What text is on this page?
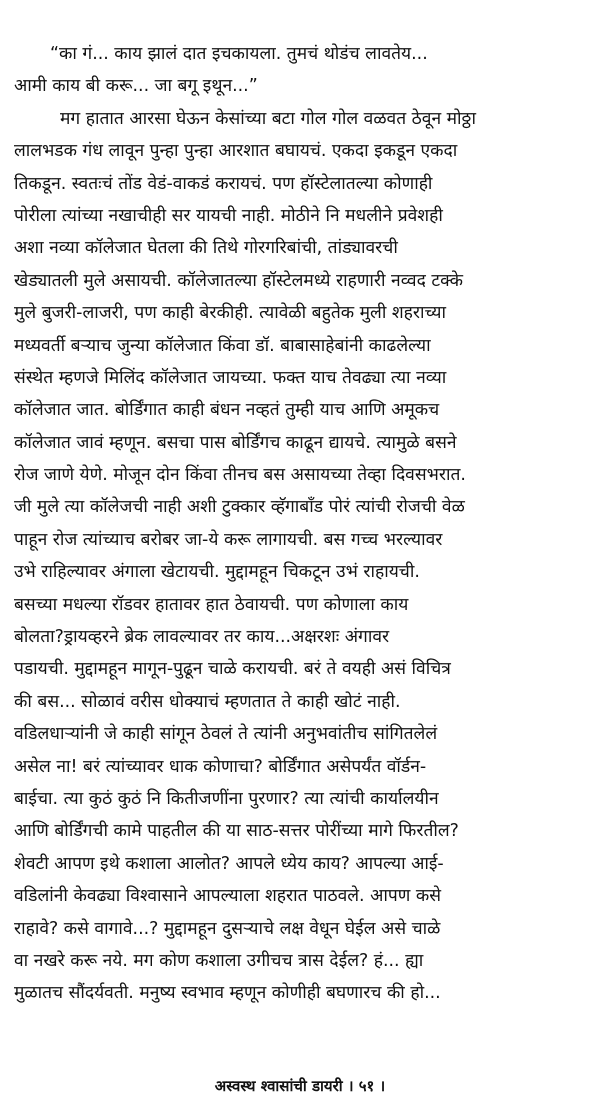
“का गं... काय झालं दात इचकायला. तुमचं थोडंच लावतेय...
आमी काय बी करू... जा बगू इथून...”
मग हातात आरसा घेऊन केसांच्या बटा गोल गोल वळवत ठेवून मोठ्ठा
लालभडक गंध लावून पुन्हा पुन्हा आरशात बघायचं. एकदा इकडून एकदा
तिकडून. स्वतःचं तोंड वेडं-वाकडं करायचं. पण हॉस्टेलातल्या कोणाही
पोरीला त्यांच्या नखाचीही सर यायची नाही. मोठीने नि मधलीने प्रवेशही
अशा नव्या कॉलेजात घेतला की तिथे गोरगरिबांची, तांड्यावरची
खेड्यातली मुले असायची. कॉलेजातल्या हॉस्टेलमध्ये राहणारी नव्वद टक्के
मुले बुजरी-लाजरी, पण काही बेरकीही. त्यावेळी बहुतेक मुली शहराच्या
मध्यवर्ती बऱ्याच जुन्या कॉलेजात किंवा डॉ. बाबासाहेबांनी काढलेल्या
संस्थेत म्हणजे मिलिंद कॉलेजात जायच्या. फक्त याच तेवढ्या त्या नव्या
कॉलेजात जात. बोर्डिंगात काही बंधन नव्हतं तुम्ही याच आणि अमूकच
कॉलेजात जावं म्हणून. बसचा पास बोर्डिंगच काढून द्यायचे. त्यामुळे बसने
रोज जाणे येणे. मोजून दोन किंवा तीनच बस असायच्या तेव्हा दिवसभरात.
जी मुले त्या कॉलेजची नाही अशी टुक्कार व्हॅगाबॉंड पोरं त्यांची रोजची वेळ
पाहून रोज त्यांच्याच बरोबर जा-ये करू लागायची. बस गच्च भरल्यावर
उभे राहिल्यावर अंगाला खेटायची. मुद्दामहून चिकटून उभं राहायची.
बसच्या मधल्या रॉडवर हातावर हात ठेवायची. पण कोणाला काय
बोलता?ड्रायव्हरने ब्रेक लावल्यावर तर काय...अक्षरशः अंगावर
पडायची. मुद्दामहून मागून-पुढून चाळे करायची. बरं ते वयही असं विचित्र
की बस... सोळावं वरीस धोक्याचं म्हणतात ते काही खोटं नाही.
वडिलधाऱ्यांनी जे काही सांगून ठेवलं ते त्यांनी अनुभवांतीच सांगितलेलं
असेल ना! बरं त्यांच्यावर धाक कोणाचा? बोर्डिंगात असेपर्यंत वॉर्डन-
बाईचा. त्या कुठं कुठं नि कितीजणींना पुरणार? त्या त्यांची कार्यालयीन
आणि बोर्डिंगची कामे पाहतील की या साठ-सत्तर पोरींच्या मागे फिरतील?
शेवटी आपण इथे कशाला आलोत? आपले ध्येय काय? आपल्या आई-
वडिलांनी केवढ्या विश्वासाने आपल्याला शहरात पाठवले. आपण कसे
राहावे? कसे वागावे...? मुद्दामहून दुसऱ्याचे लक्ष वेधून घेईल असे चाळे
वा नखरे करू नये. मग कोण कशाला उगीचच त्रास देईल? हं... ह्या
मुळातच सौंदर्यवती. मनुष्य स्वभाव म्हणून कोणीही बघणारच की हो...
अस्वस्थ श्वासांची डायरी । ५१ ।
